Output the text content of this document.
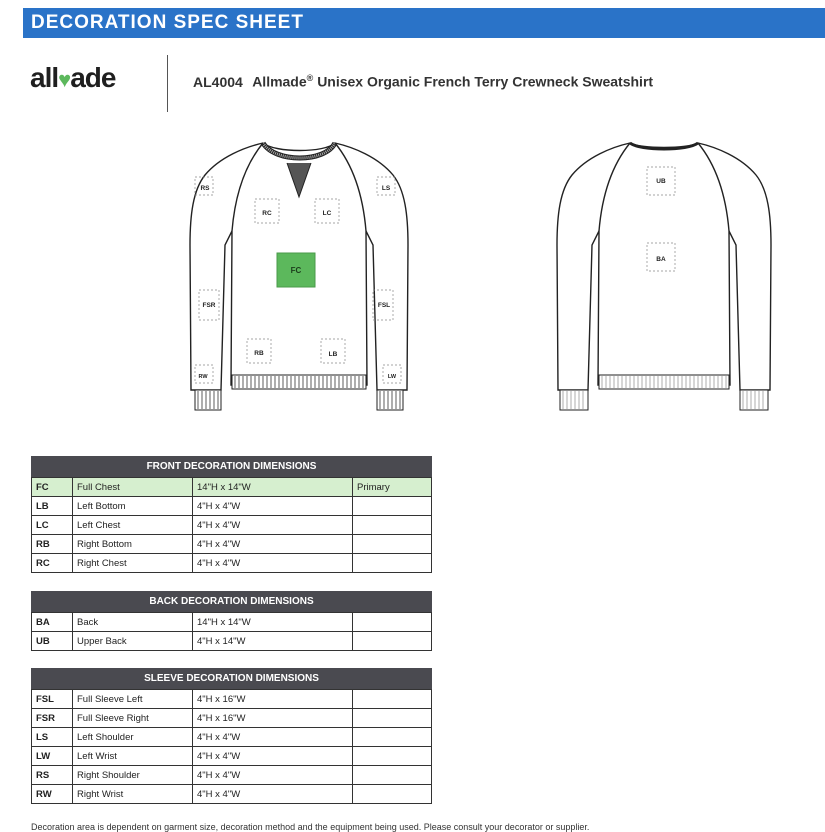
DECORATION SPEC SHEET
all♥ade	AL4004 Allmade® Unisex Organic French Terry Crewneck Sweatshirt
RS	LS
RC	LC
FSR	FSL
RB	LB
RW	LW
FC
UB
BA
FRONT DECORATION DIMENSIONS
FC	Full Chest	14"H x 14"W	Primary
LB	Left Bottom	4"H x 4"W	
LC	Left Chest	4"H x 4"W	
RB	Right Bottom	4"H x 4"W	
RC	Right Chest	4"H x 4"W	
BACK DECORATION DIMENSIONS
BA	Back	14"H x 14"W	
UB	Upper Back	4"H x 14"W	
SLEEVE DECORATION DIMENSIONS
FSL	Full Sleeve Left	4"H x 16"W	
FSR	Full Sleeve Right	4"H x 16"W	
LS	Left Shoulder	4"H x 4"W	
LW	Left Wrist	4"H x 4"W	
RS	Right Shoulder	4"H x 4"W	
RW	Right Wrist	4"H x 4"W	
Decoration area is dependent on garment size, decoration method and the equipment being used. Please consult your decorator or supplier.
